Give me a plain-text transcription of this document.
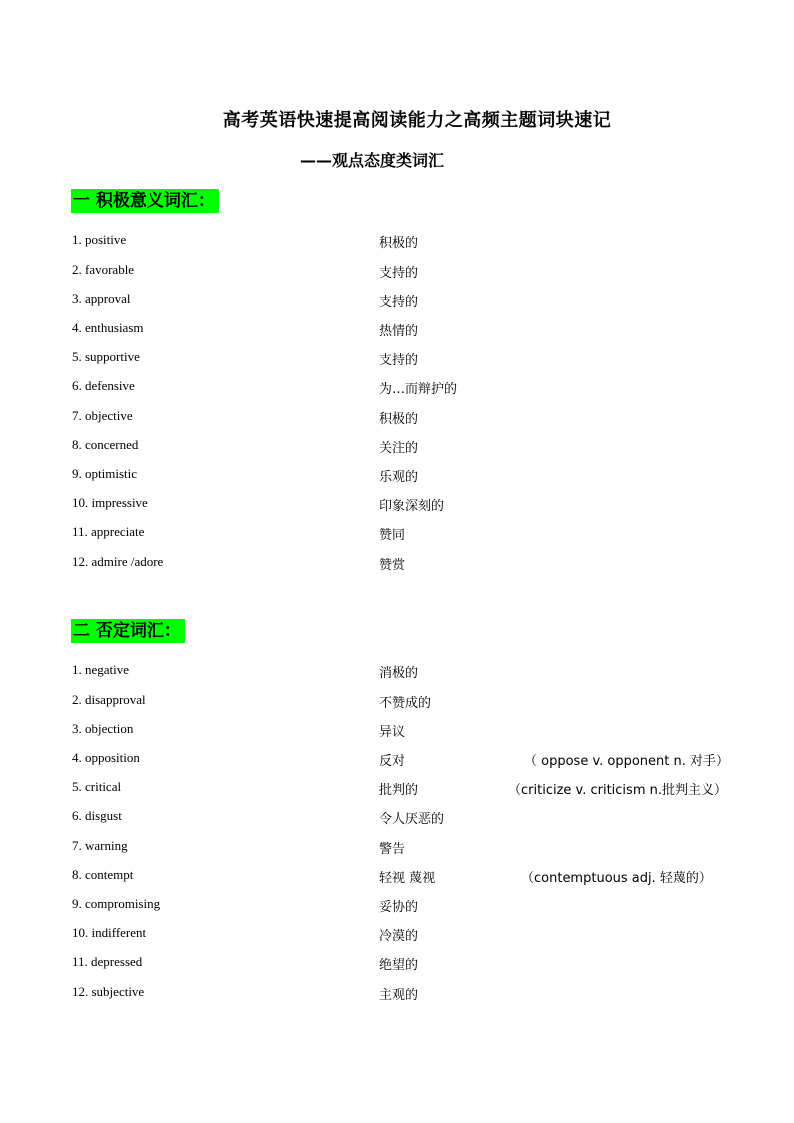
高考英语快速提高阅读能力之高频主题词块速记
——观点态度类词汇
一 积极意义词汇：
1. positive	积极的
2. favorable	支持的
3. approval	支持的
4. enthusiasm	热情的
5. supportive	支持的
6. defensive	为…而辩护的
7. objective	积极的
8. concerned	关注的
9. optimistic	乐观的
10. impressive	印象深刻的
11. appreciate	赞同
12. admire /adore	赞赏
二 否定词汇：
1. negative	消极的
2. disapproval	不赞成的
3. objection	异议
4. opposition	反对	（ oppose v. opponent n. 对手）
5. critical	批判的	（criticize v. criticism n.批判主义）
6. disgust	令人厌恶的
7. warning	警告
8. contempt	轻视 蔑视	（contemptuous adj. 轻蔑的）
9. compromising	妥协的
10. indifferent	冷漠的
11. depressed	绝望的
12. subjective	主观的
